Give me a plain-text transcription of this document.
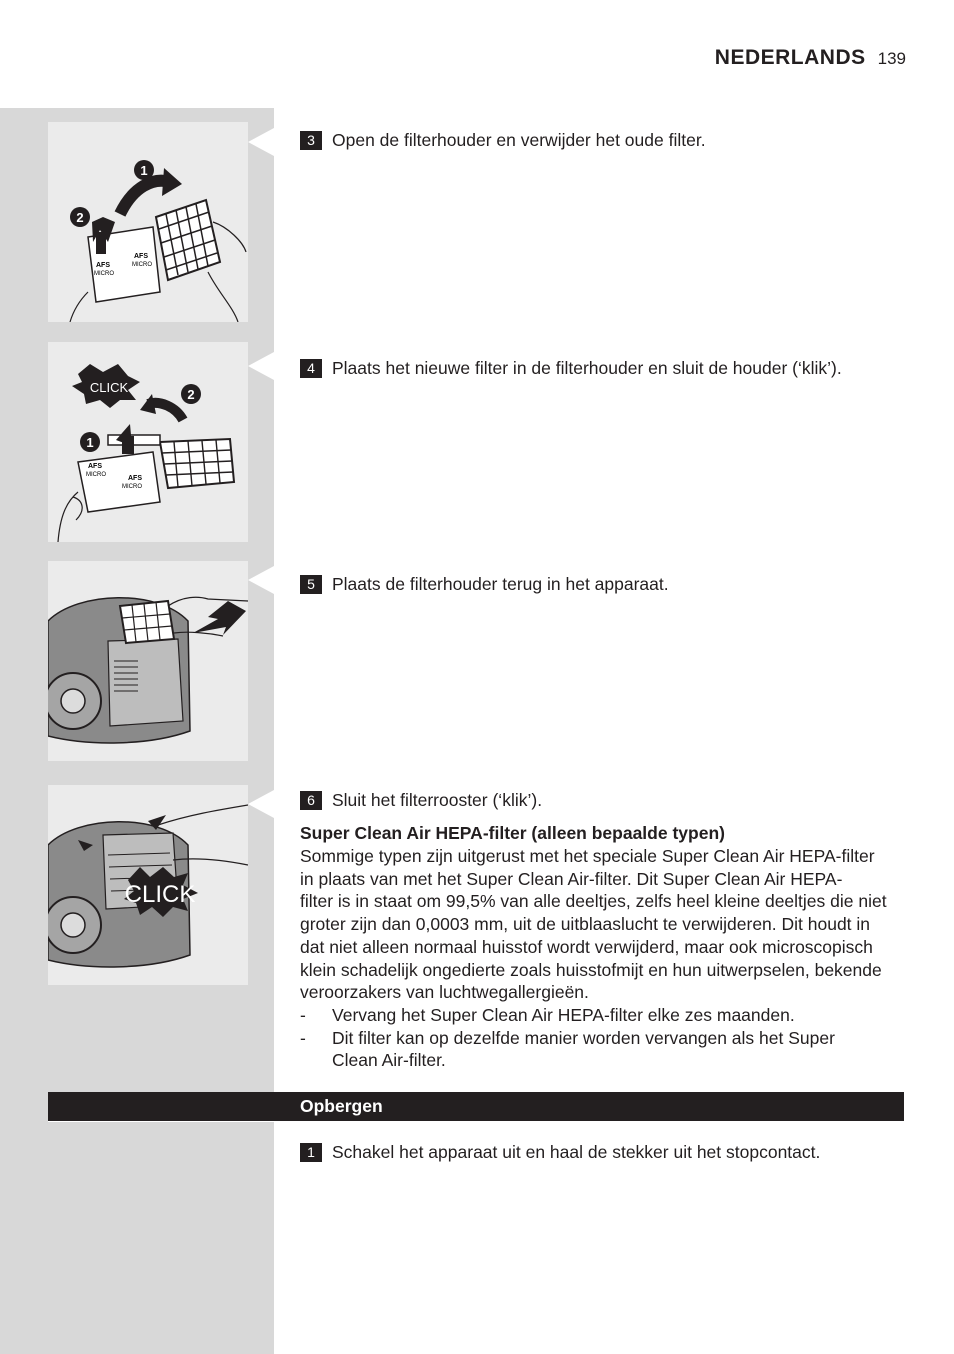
NEDERLANDS 139
AFS
MICRO
AFS
MICRO
1
2
AFS
MICRO	AFS
MICRO
CLICK	2
1
CLICK
3 Open de filterhouder en verwijder het oude filter.
4 Plaats het nieuwe filter in de filterhouder en sluit de houder (‘klik’).
5 Plaats de filterhouder terug in het apparaat.
6 Sluit het filterrooster (‘klik’).
Super Clean Air HEPA-filter (alleen bepaalde typen)

Sommige typen zijn uitgerust met het speciale Super Clean Air HEPA-filter
in plaats van met het Super Clean Air-filter. Dit Super Clean Air HEPA-
filter is in staat om 99,5% van alle deeltjes, zelfs heel kleine deeltjes die niet
groter zijn dan 0,0003 mm, uit de uitblaaslucht te verwijderen. Dit houdt in
dat niet alleen normaal huisstof wordt verwijderd, maar ook microscopisch
klein schadelijk ongedierte zoals huisstofmijt en hun uitwerpselen, bekende
veroorzakers van luchtwegallergieën.

- Vervang het Super Clean Air HEPA-filter elke zes maanden.
- Dit filter kan op dezelfde manier worden vervangen als het Super
Clean Air-filter.
Opbergen
1 Schakel het apparaat uit en haal de stekker uit het stopcontact.
